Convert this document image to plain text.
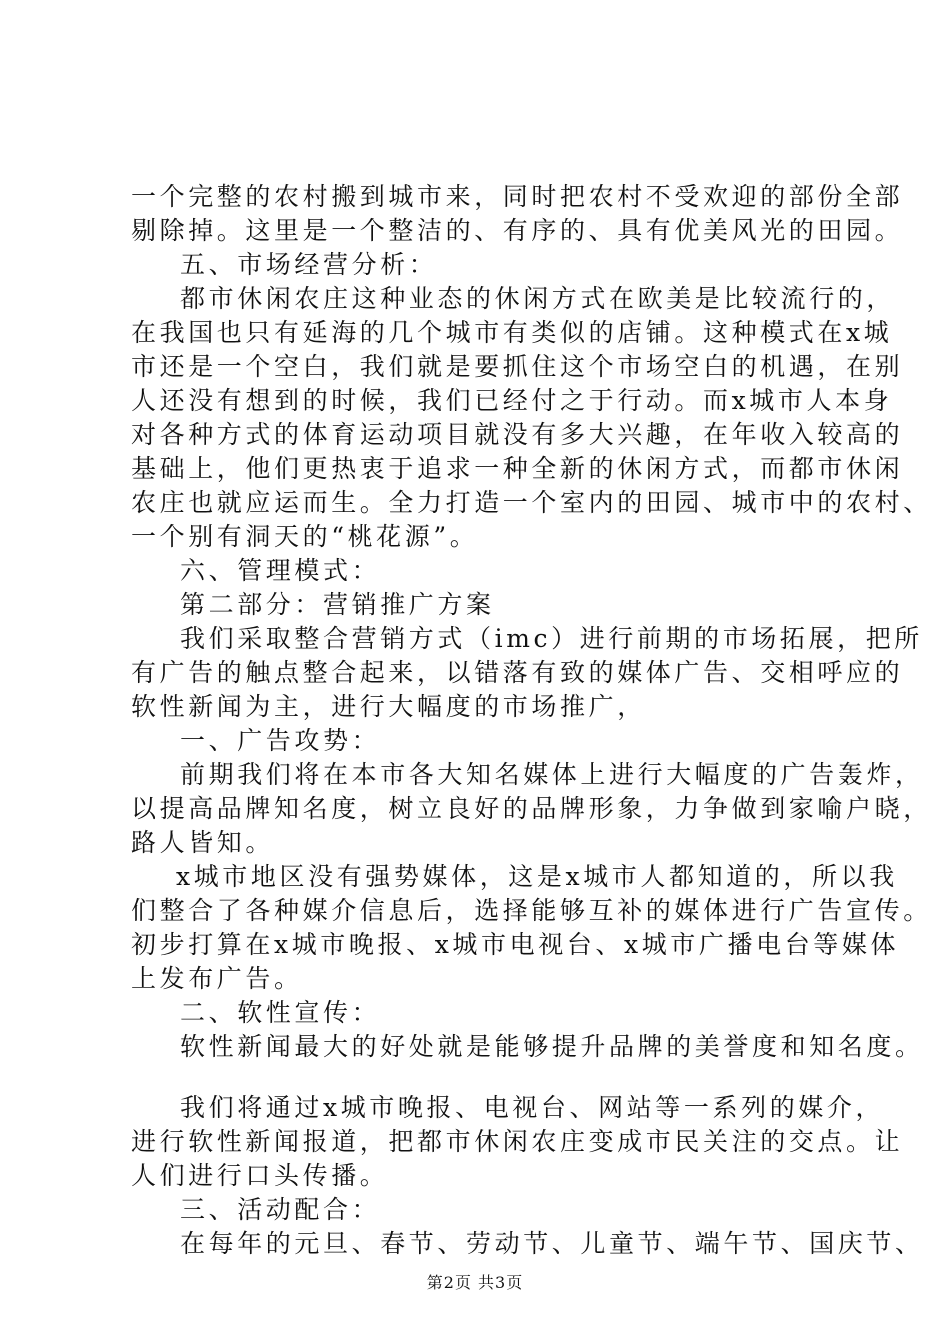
一个完整的农村搬到城市来，同时把农村不受欢迎的部份全部
剔除掉。这里是一个整洁的、有序的、具有优美风光的田园。
五、市场经营分析：
都市休闲农庄这种业态的休闲方式在欧美是比较流行的，
在我国也只有延海的几个城市有类似的店铺。这种模式在x城
市还是一个空白，我们就是要抓住这个市场空白的机遇，在别
人还没有想到的时候，我们已经付之于行动。而x城市人本身
对各种方式的体育运动项目就没有多大兴趣，在年收入较高的
基础上，他们更热衷于追求一种全新的休闲方式，而都市休闲
农庄也就应运而生。全力打造一个室内的田园、城市中的农村、
一个别有洞天的“桃花源”。
六、管理模式：
第二部分：营销推广方案
我们采取整合营销方式（imc）进行前期的市场拓展，把所
有广告的触点整合起来，以错落有致的媒体广告、交相呼应的
软性新闻为主，进行大幅度的市场推广，
一、广告攻势：
前期我们将在本市各大知名媒体上进行大幅度的广告轰炸，
以提高品牌知名度，树立良好的品牌形象，力争做到家喻户晓，
路人皆知。
x城市地区没有强势媒体，这是x城市人都知道的，所以我
们整合了各种媒介信息后，选择能够互补的媒体进行广告宣传。
初步打算在x城市晚报、x城市电视台、x城市广播电台等媒体
上发布广告。
二、软性宣传：
软性新闻最大的好处就是能够提升品牌的美誉度和知名度。
我们将通过x城市晚报、电视台、网站等一系列的媒介，
进行软性新闻报道，把都市休闲农庄变成市民关注的交点。让
人们进行口头传播。
三、活动配合：
在每年的元旦、春节、劳动节、儿童节、端午节、国庆节、
第2页 共3页
